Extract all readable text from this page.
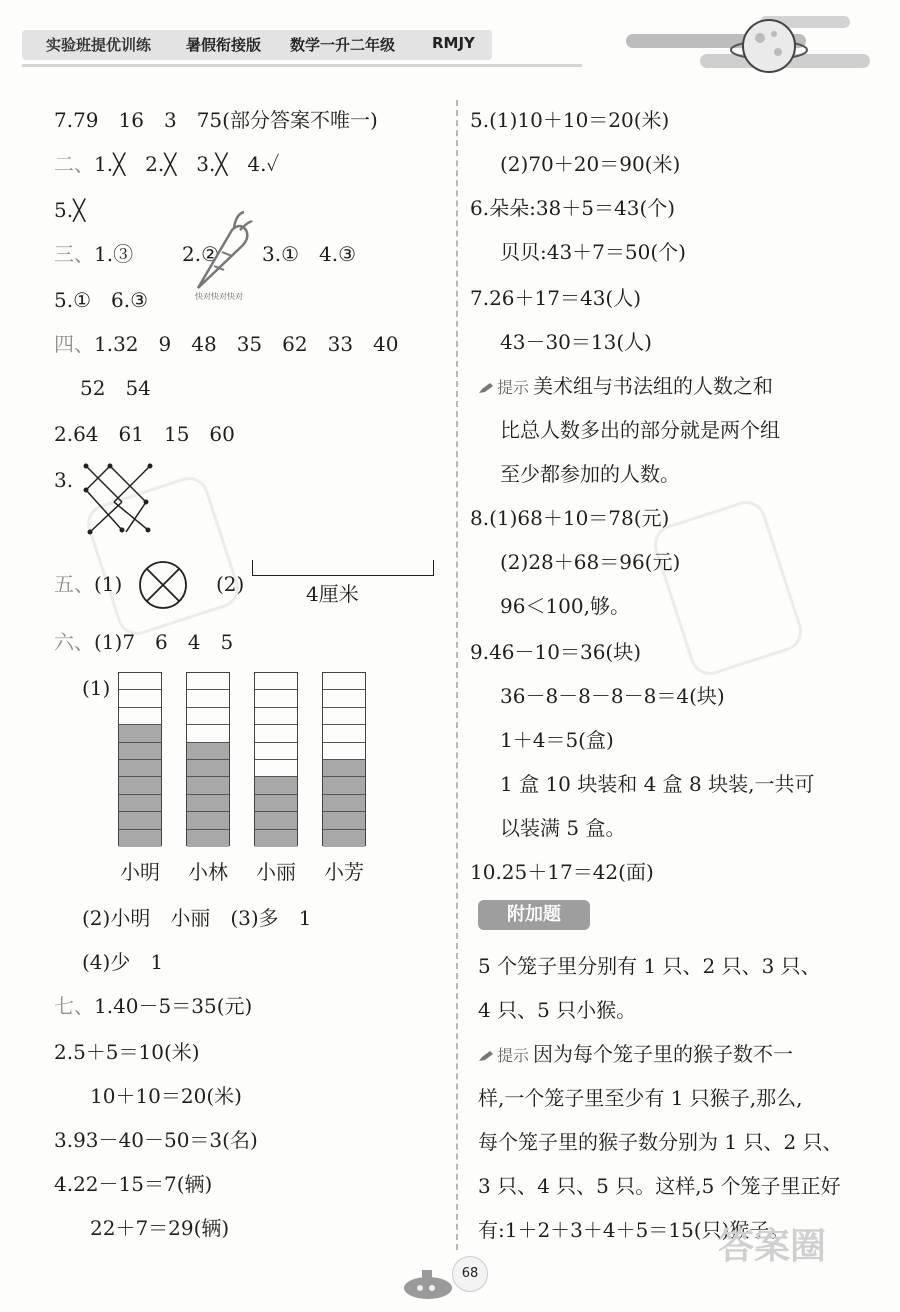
实验班提优训练 暑假衔接版 数学一升二年级 RMJY
7.79　16　3　75(部分答案不唯一)
二、1.╳　2.╳　3.╳　4.✓
5.╳
三、1.③ 2.② 3.①　4.③
快对快对快对
5.①　6.③
四、1.32　9　48　35　62　33　40
52　54
2.64　61　15　60
3.
五、(1)	(2)	4厘米
六、(1)7　6　4　5
(1)
小明 小林 小丽 小芳
(2)小明　小丽　(3)多　1
(4)少　1
七、1.40－5＝35(元)
2.5＋5＝10(米)
10＋10＝20(米)
3.93－40－50＝3(名)
4.22－15＝7(辆)
22＋7＝29(辆)
5.(1)10＋10＝20(米)
(2)70＋20＝90(米)
6.朵朵:38＋5＝43(个)
贝贝:43＋7＝50(个)
7.26＋17＝43(人)
43－30＝13(人)
提示 美术组与书法组的人数之和
比总人数多出的部分就是两个组
至少都参加的人数。
8.(1)68＋10＝78(元)
(2)28＋68＝96(元)
96＜100,够。
9.46－10＝36(块)
36－8－8－8－8＝4(块)
1＋4＝5(盒)
1 盒 10 块装和 4 盒 8 块装,一共可
以装满 5 盒。
10.25＋17＝42(面)
附加题
5 个笼子里分别有 1 只、2 只、3 只、
4 只、5 只小猴。
提示 因为每个笼子里的猴子数不一
样,一个笼子里至少有 1 只猴子,那么,
每个笼子里的猴子数分别为 1 只、2 只、
3 只、4 只、5 只。这样,5 个笼子里正好
有:1＋2＋3＋4＋5＝15(只)猴子。
68
答案圈
